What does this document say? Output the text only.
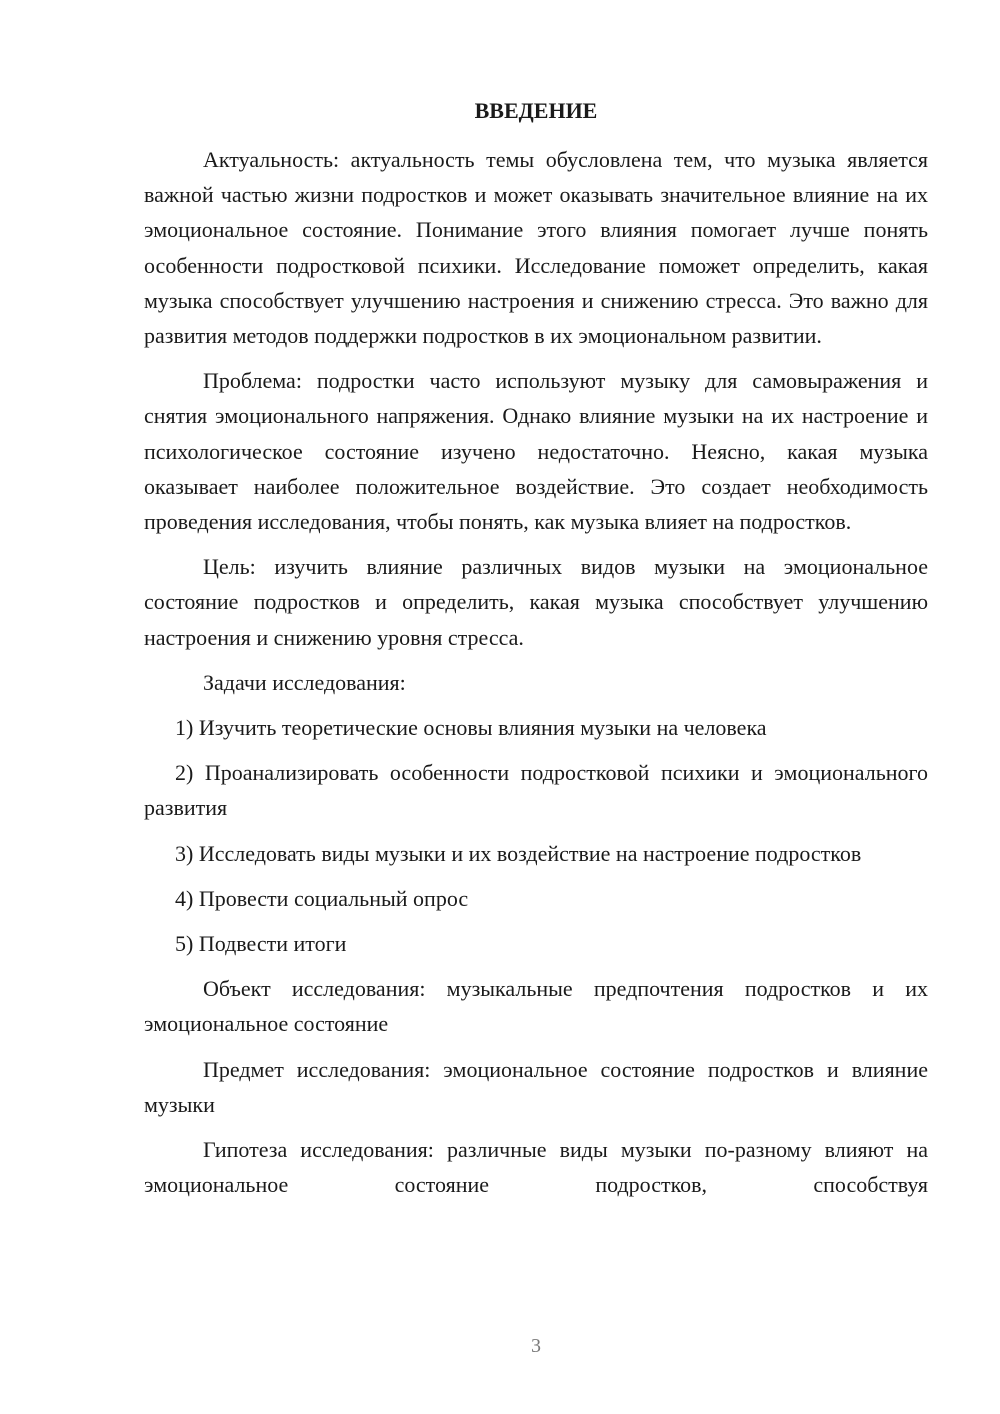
ВВЕДЕНИЕ

Актуальность: актуальность темы обусловлена тем, что музыка является важной частью жизни подростков и может оказывать значительное влияние на их эмоциональное состояние. Понимание этого влияния помогает лучше понять особенности подростковой психики. Исследование поможет определить, какая музыка способствует улучшению настроения и снижению стресса. Это важно для развития методов поддержки подростков в их эмоциональном развитии.

Проблема: подростки часто используют музыку для самовыражения и снятия эмоционального напряжения. Однако влияние музыки на их настроение и психологическое состояние изучено недостаточно. Неясно, какая музыка оказывает наиболее положительное воздействие. Это создает необходимость проведения исследования, чтобы понять, как музыка влияет на подростков.

Цель: изучить влияние различных видов музыки на эмоциональное состояние подростков и определить, какая музыка способствует улучшению настроения и снижению уровня стресса.

Задачи исследования:

1) Изучить теоретические основы влияния музыки на человека

2) Проанализировать особенности подростковой психики и эмоционального развития

3) Исследовать виды музыки и их воздействие на настроение подростков

4) Провести социальный опрос

5) Подвести итоги

Объект исследования: музыкальные предпочтения подростков и их эмоциональное состояние

Предмет исследования: эмоциональное состояние подростков и влияние музыки

Гипотеза исследования: различные виды музыки по-разному влияют на эмоциональное состояние подростков, способствуя

3
